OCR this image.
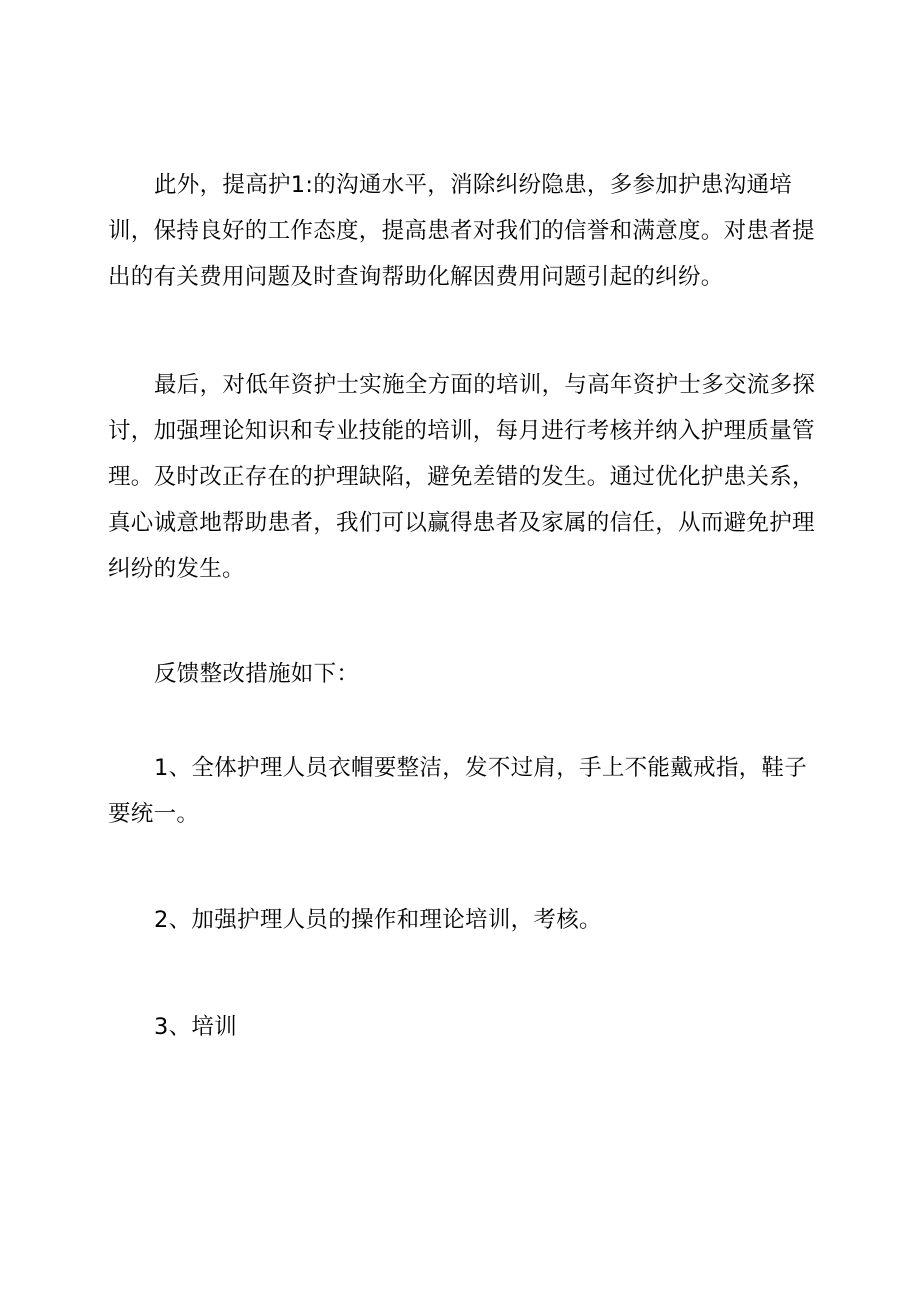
此外，提高护1:的沟通水平，消除纠纷隐患，多参加护患沟通培训，保持良好的工作态度，提高患者对我们的信誉和满意度。对患者提出的有关费用问题及时查询帮助化解因费用问题引起的纠纷。

最后，对低年资护士实施全方面的培训，与高年资护士多交流多探讨，加强理论知识和专业技能的培训，每月进行考核并纳入护理质量管理。及时改正存在的护理缺陷，避免差错的发生。通过优化护患关系，真心诚意地帮助患者，我们可以赢得患者及家属的信任，从而避免护理纠纷的发生。

反馈整改措施如下：

1、全体护理人员衣帽要整洁，发不过肩，手上不能戴戒指，鞋子要统一。

2、加强护理人员的操作和理论培训，考核。

3、培训
